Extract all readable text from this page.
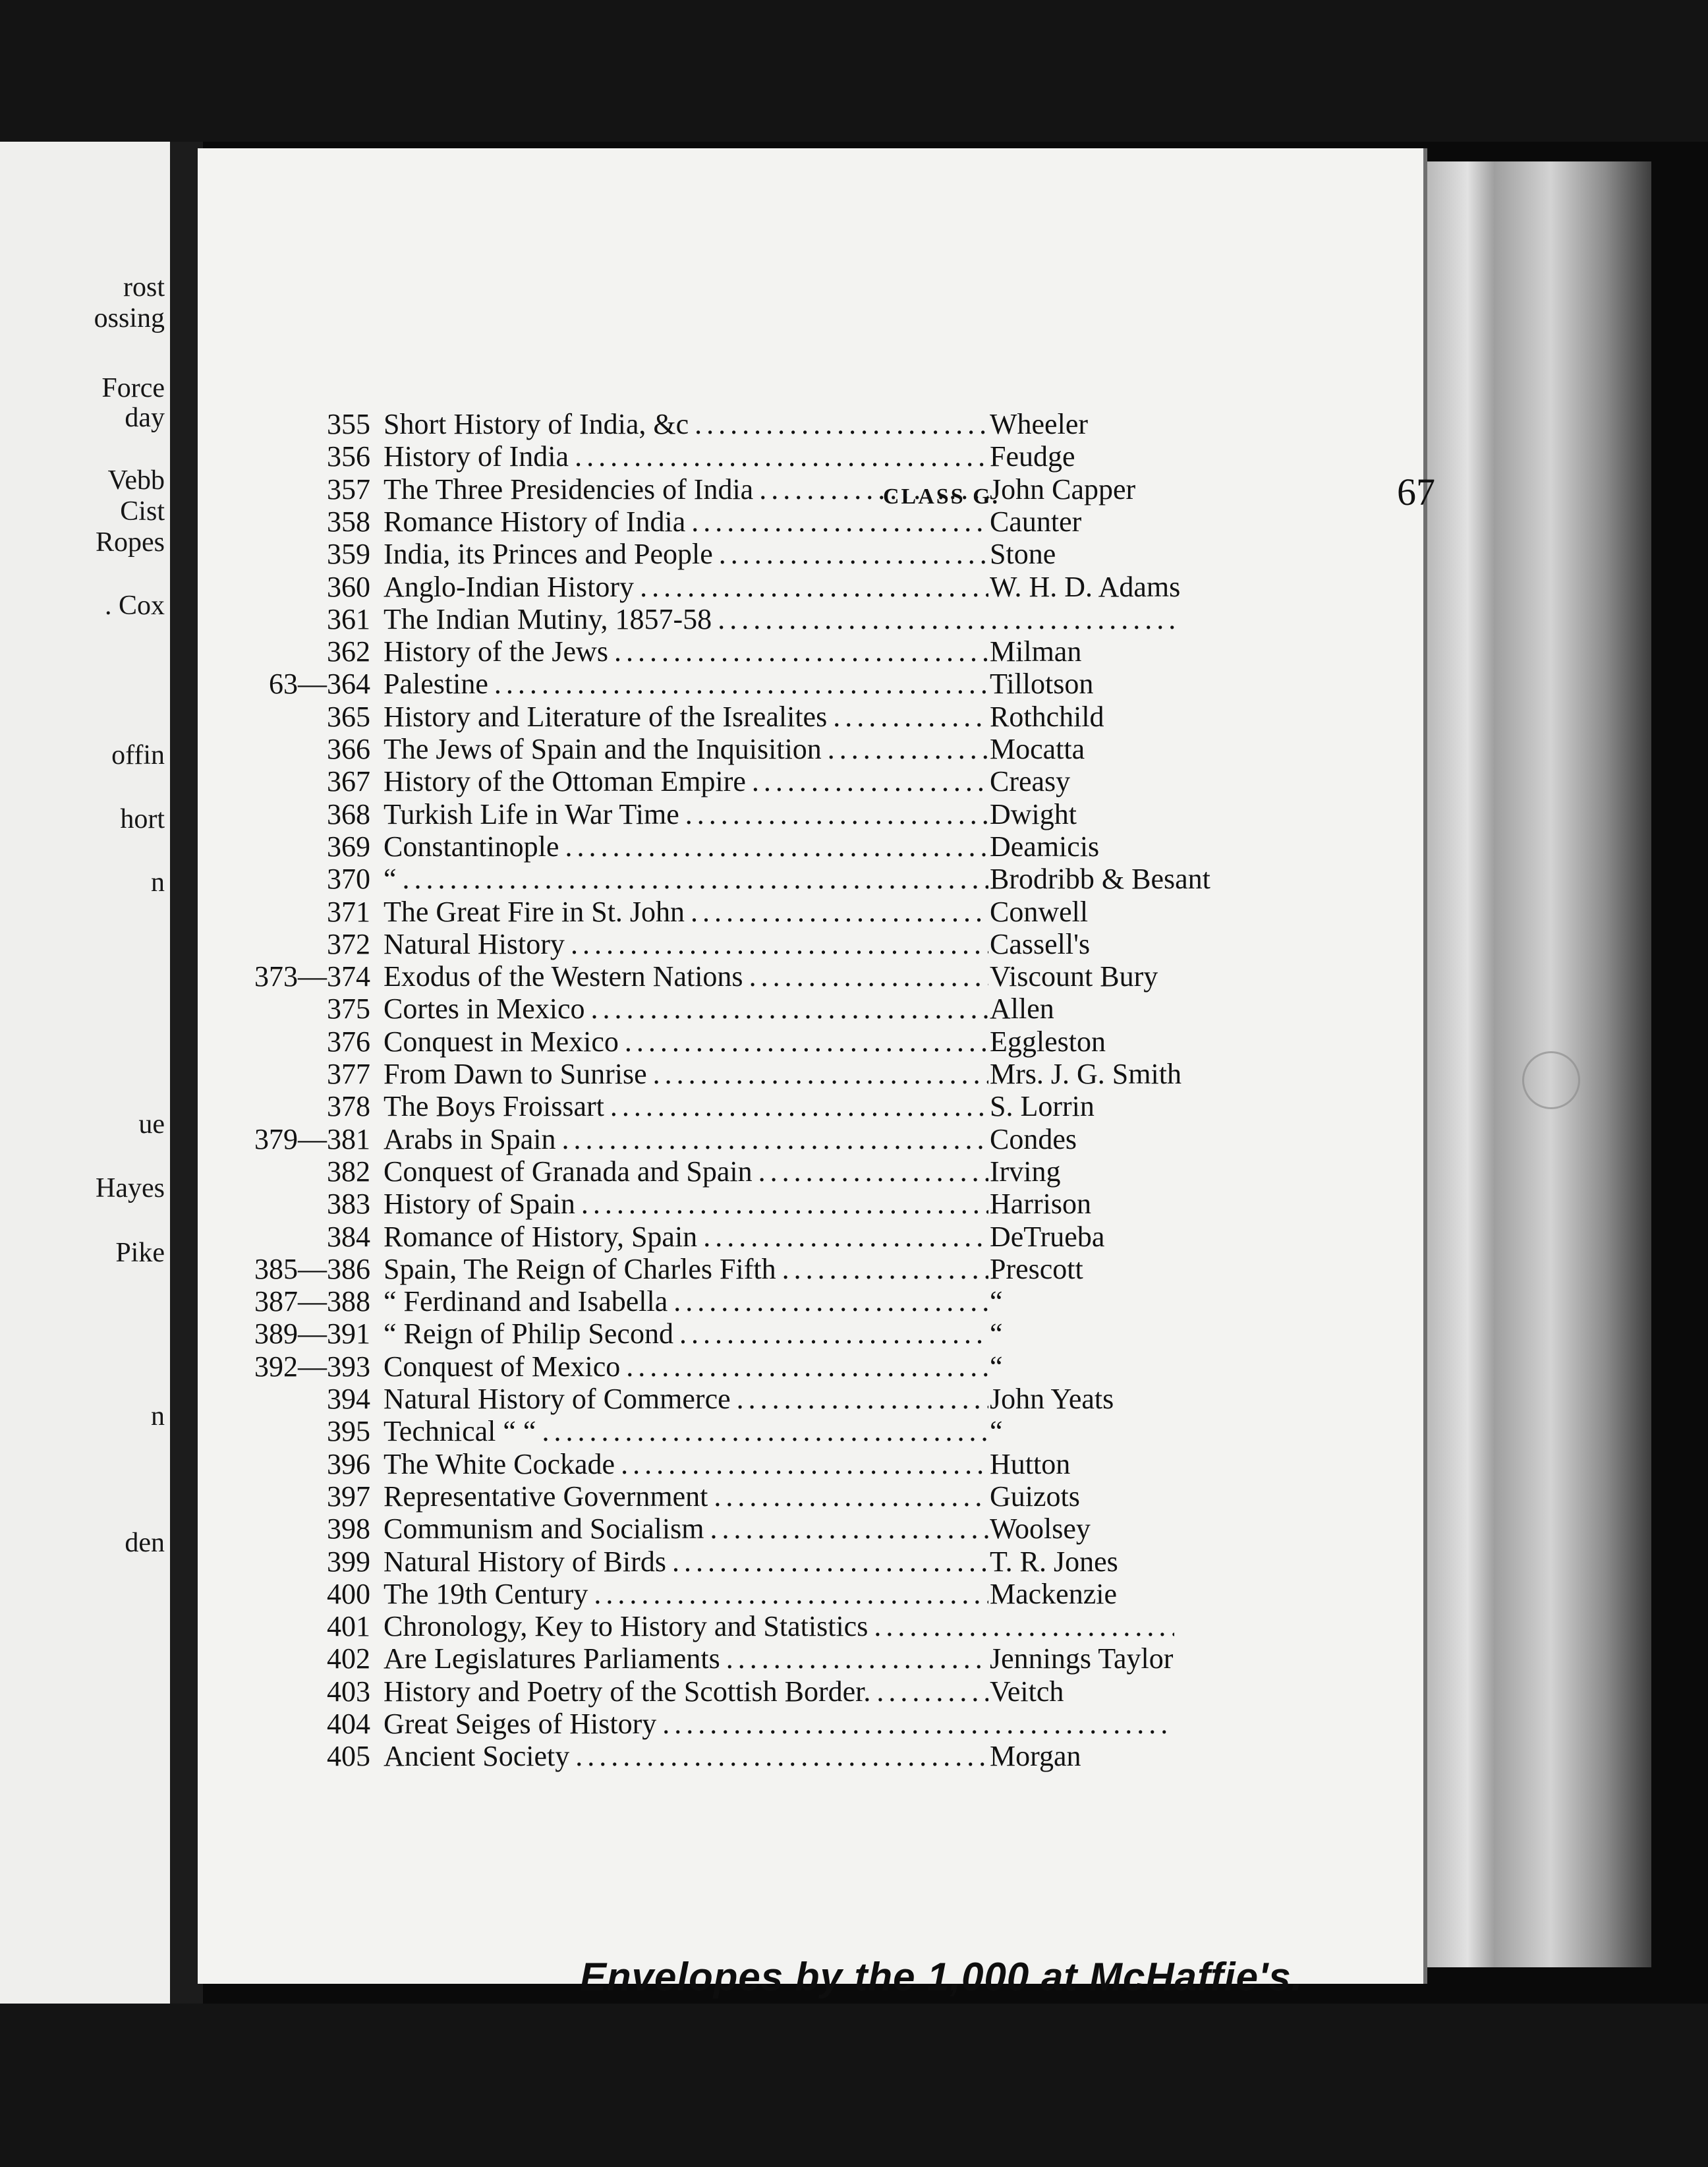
rost
ossing
Force
day
Vebb
Cist
Ropes
. Cox
offin
hort
n
ue
Hayes
Pike
n
den
CLASS G.	67
Envelopes by the 1,000 at McHaffie's.
355 Short History of India, &c . . .	Wheeler
356 History of India . . .	Feudge
357 The Three Presidencies of India . . .	John Capper
358 Romance History of India . . .	Caunter
359 India, its Princes and People . . .	Stone
360 Anglo-Indian History . . .	W. H. D. Adams
361 The Indian Mutiny, 1857-58 . . .
362 History of the Jews . . .	Milman
63—364 Palestine . . .	Tillotson
365 History and Literature of the Isrealites . . .	Rothchild
366 The Jews of Spain and the Inquisition . . .	Mocatta
367 History of the Ottoman Empire . . .	Creasy
368 Turkish Life in War Time . . .	Dwight
369 Constantinople . . .	Deamicis
370 “ . . .	Brodribb & Besant
371 The Great Fire in St. John . . .	Conwell
372 Natural History . . .	Cassell's
373—374 Exodus of the Western Nations . . .	Viscount Bury
375 Cortes in Mexico . . .	Allen
376 Conquest in Mexico . . .	Eggleston
377 From Dawn to Sunrise . . .	Mrs. J. G. Smith
378 The Boys Froissart . . .	S. Lorrin
379—381 Arabs in Spain . . .	Condes
382 Conquest of Granada and Spain . . .	Irving
383 History of Spain . . .	Harrison
384 Romance of History, Spain . . .	DeTrueba
385—386 Spain, The Reign of Charles Fifth . . .	Prescott
387—388 “ Ferdinand and Isabella . . .	“
389—391 “ Reign of Philip Second . . .	“
392—393 Conquest of Mexico . . .	“
394 Natural History of Commerce . . .	John Yeats
395 Technical “ “ . . .	“
396 The White Cockade . . .	Hutton
397 Representative Government . . .	Guizots
398 Communism and Socialism . . .	Woolsey
399 Natural History of Birds . . .	T. R. Jones
400 The 19th Century . . .	Mackenzie
401 Chronology, Key to History and Statistics . . .
402 Are Legislatures Parliaments . . .	Jennings Taylor
403 History and Poetry of the Scottish Border. . . .	Veitch
404 Great Seiges of History . . .
405 Ancient Society . . .	Morgan
